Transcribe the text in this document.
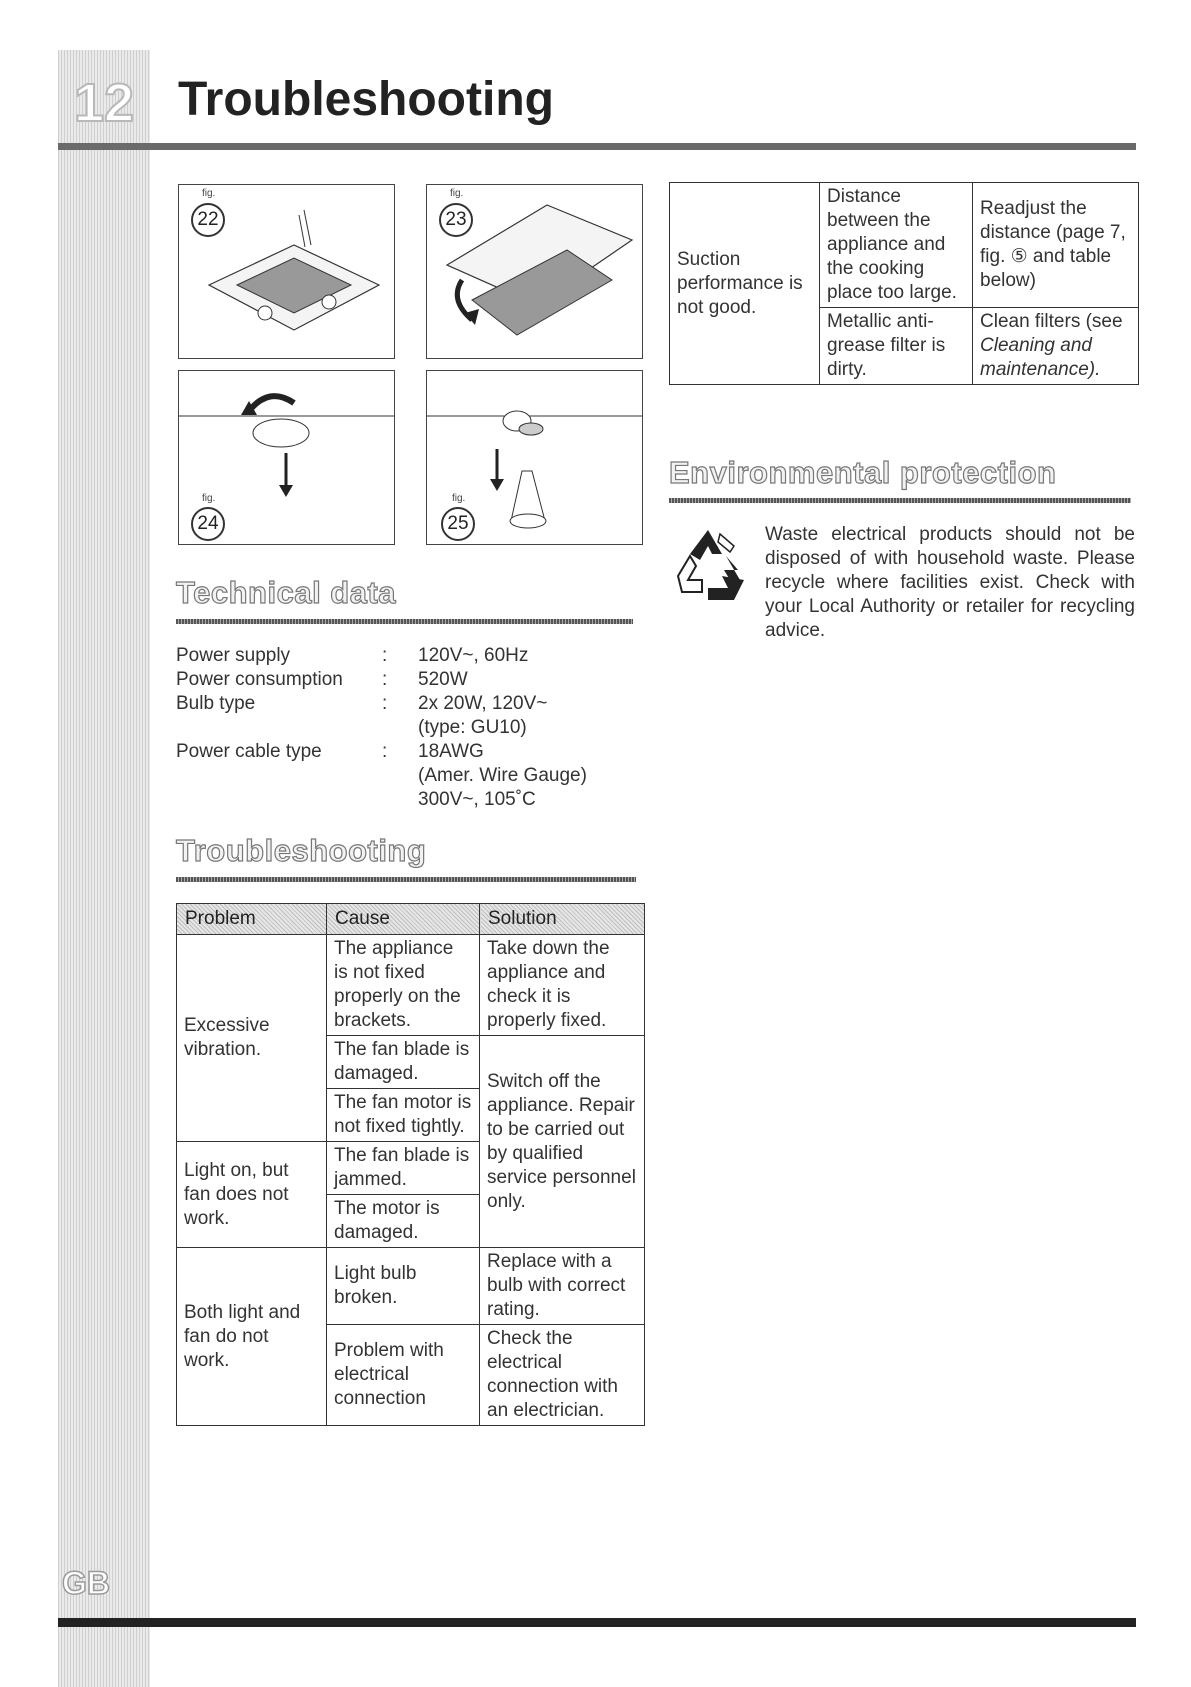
12 Troubleshooting
fig.
22
fig.
23
fig.
24
fig.
25
Technical data
Power supply	: 120V~, 60Hz
Power consumption	: 520W
Bulb type	: 2x 20W, 120V~
(type: GU10)
Power cable type	: 18AWG
(Amer. Wire Gauge)
300V~, 105˚C
Troubleshooting
Problem	Cause	Solution
Excessive vibration.	The appliance is not fixed properly on the brackets.	Take down the appliance and check it is properly fixed.
	The fan blade is damaged.	Switch off the appliance. Repair to be carried out by qualified service personnel only.
	The fan motor is not fixed tightly.	
Light on, but fan does not work.	The fan blade is jammed.	
	The motor is damaged.	
Both light and fan do not work.	Light bulb broken.	Replace with a bulb with correct rating.
	Problem with electrical connection	Check the electrical connection with an electrician.
Suction performance is not good.	Distance between the appliance and the cooking place too large.	Readjust the distance (page 7, fig. ⑤ and table below)
	Metallic anti-grease filter is dirty.	Clean filters (see Cleaning and maintenance).
Environmental protection
Waste electrical products should not be disposed of with household waste. Please recycle where facilities exist. Check with your Local Authority or retailer for recycling advice.
GB
